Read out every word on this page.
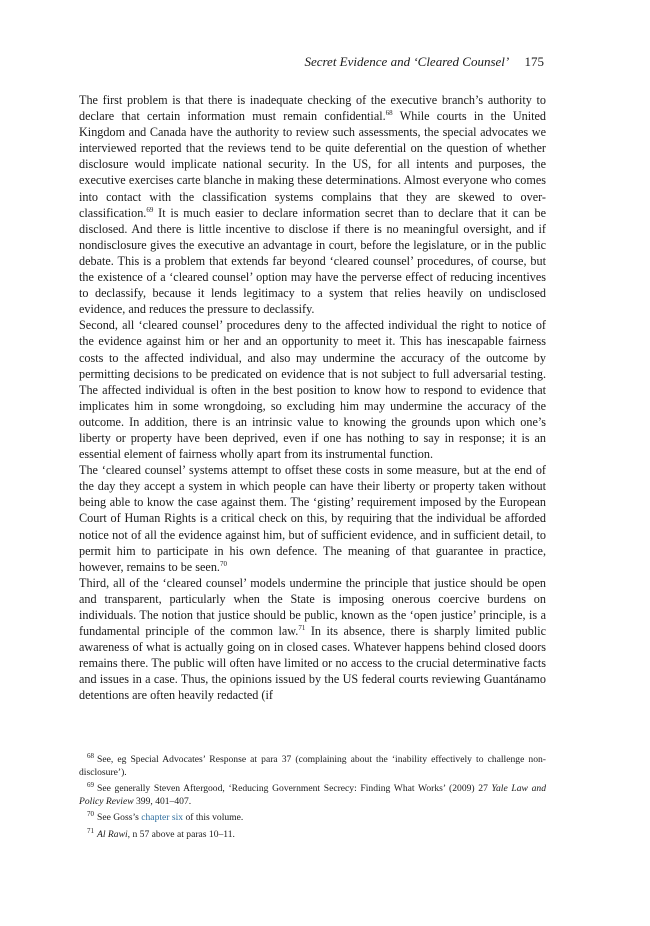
Secret Evidence and ‘Cleared Counsel’ 175

The first problem is that there is inadequate checking of the executive branch’s authority to declare that certain information must remain confidential.$^{68}$ While courts in the United Kingdom and Canada have the authority to review such assessments, the special advocates we interviewed reported that the reviews tend to be quite deferential on the question of whether disclosure would implicate national security. In the US, for all intents and purposes, the executive exercises carte blanche in making these determinations. Almost everyone who comes into contact with the classification systems complains that they are skewed to over-classification.$^{69}$ It is much easier to declare information secret than to declare that it can be disclosed. And there is little incentive to disclose if there is no meaningful oversight, and if nondisclosure gives the executive an advantage in court, before the legislature, or in the public debate. This is a problem that extends far beyond ‘cleared counsel’ procedures, of course, but the existence of a ‘cleared counsel’ option may have the perverse effect of reducing incentives to declassify, because it lends legitimacy to a system that relies heavily on undisclosed evidence, and reduces the pressure to declassify.

Second, all ‘cleared counsel’ procedures deny to the affected individual the right to notice of the evidence against him or her and an opportunity to meet it. This has inescapable fairness costs to the affected individual, and also may undermine the accuracy of the outcome by permitting decisions to be predicated on evidence that is not subject to full adversarial testing. The affected individual is often in the best position to know how to respond to evidence that implicates him in some wrongdoing, so excluding him may undermine the accuracy of the outcome. In addition, there is an intrinsic value to knowing the grounds upon which one’s liberty or property have been deprived, even if one has nothing to say in response; it is an essential element of fairness wholly apart from its instrumental function.

The ‘cleared counsel’ systems attempt to offset these costs in some measure, but at the end of the day they accept a system in which people can have their liberty or property taken without being able to know the case against them. The ‘gisting’ requirement imposed by the European Court of Human Rights is a critical check on this, by requiring that the individual be afforded notice not of all the evidence against him, but of sufficient evidence, and in sufficient detail, to permit him to participate in his own defence. The meaning of that guarantee in practice, however, remains to be seen.$^{70}$

Third, all of the ‘cleared counsel’ models undermine the principle that justice should be open and transparent, particularly when the State is imposing onerous coercive burdens on individuals. The notion that justice should be public, known as the ‘open justice’ principle, is a fundamental principle of the common law.$^{71}$ In its absence, there is sharply limited public awareness of what is actually going on in closed cases. Whatever happens behind closed doors remains there. The public will often have limited or no access to the crucial determinative facts and issues in a case. Thus, the opinions issued by the US federal courts reviewing Guantánamo detentions are often heavily redacted (if

$^{68}$ See, eg Special Advocates’ Response at para 37 (complaining about the ‘inability effectively to challenge non-disclosure’).

$^{69}$ See generally Steven Aftergood, ‘Reducing Government Secrecy: Finding What Works’ (2009) 27 Yale Law and Policy Review 399, 401–407.

$^{70}$ See Goss’s chapter six of this volume.

$^{71}$ Al Rawi, n 57 above at paras 10–11.
